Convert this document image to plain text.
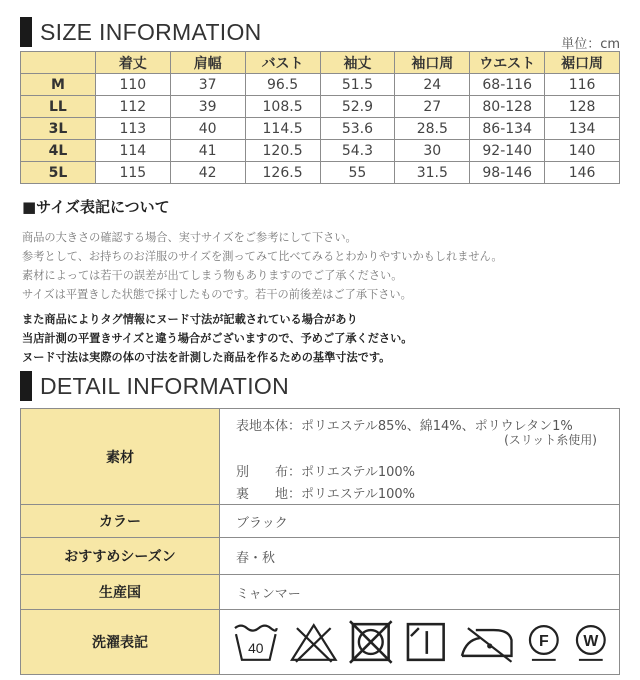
SIZE INFORMATION	単位：cm
	着丈	肩幅	バスト	袖丈	袖口周	ウエスト	裾口周
M	110	37	96.5	51.5	24	68-116	116
LL	112	39	108.5	52.9	27	80-128	128
3L	113	40	114.5	53.6	28.5	86-134	134
4L	114	41	120.5	54.3	30	92-140	140
5L	115	42	126.5	55	31.5	98-146	146
■サイズ表記について
商品の大きさの確認する場合、実寸サイズをご参考にして下さい。
参考として、お持ちのお洋服のサイズを測ってみて比べてみるとわかりやすいかもしれません。
素材によっては若干の誤差が出てしまう物もありますのでご了承ください。
サイズは平置きした状態で採寸したものです。若干の前後差はご了承下さい。
また商品によりタグ情報にヌード寸法が記載されている場合があり
当店計測の平置きサイズと違う場合がございますので、予めご了承ください。
ヌード寸法は実際の体の寸法を計測した商品を作るための基準寸法です。
DETAIL INFORMATION
素材	表地本体：ポリエステル85%、綿14%、ポリウレタン1%
(スリット糸使用)
別　　布：ポリエステル100%
裏　　地：ポリエステル100%

カラー	ブラック
おすすめシーズン	春・秋
生産国	ミャンマー
洗濯表記	40 F W
